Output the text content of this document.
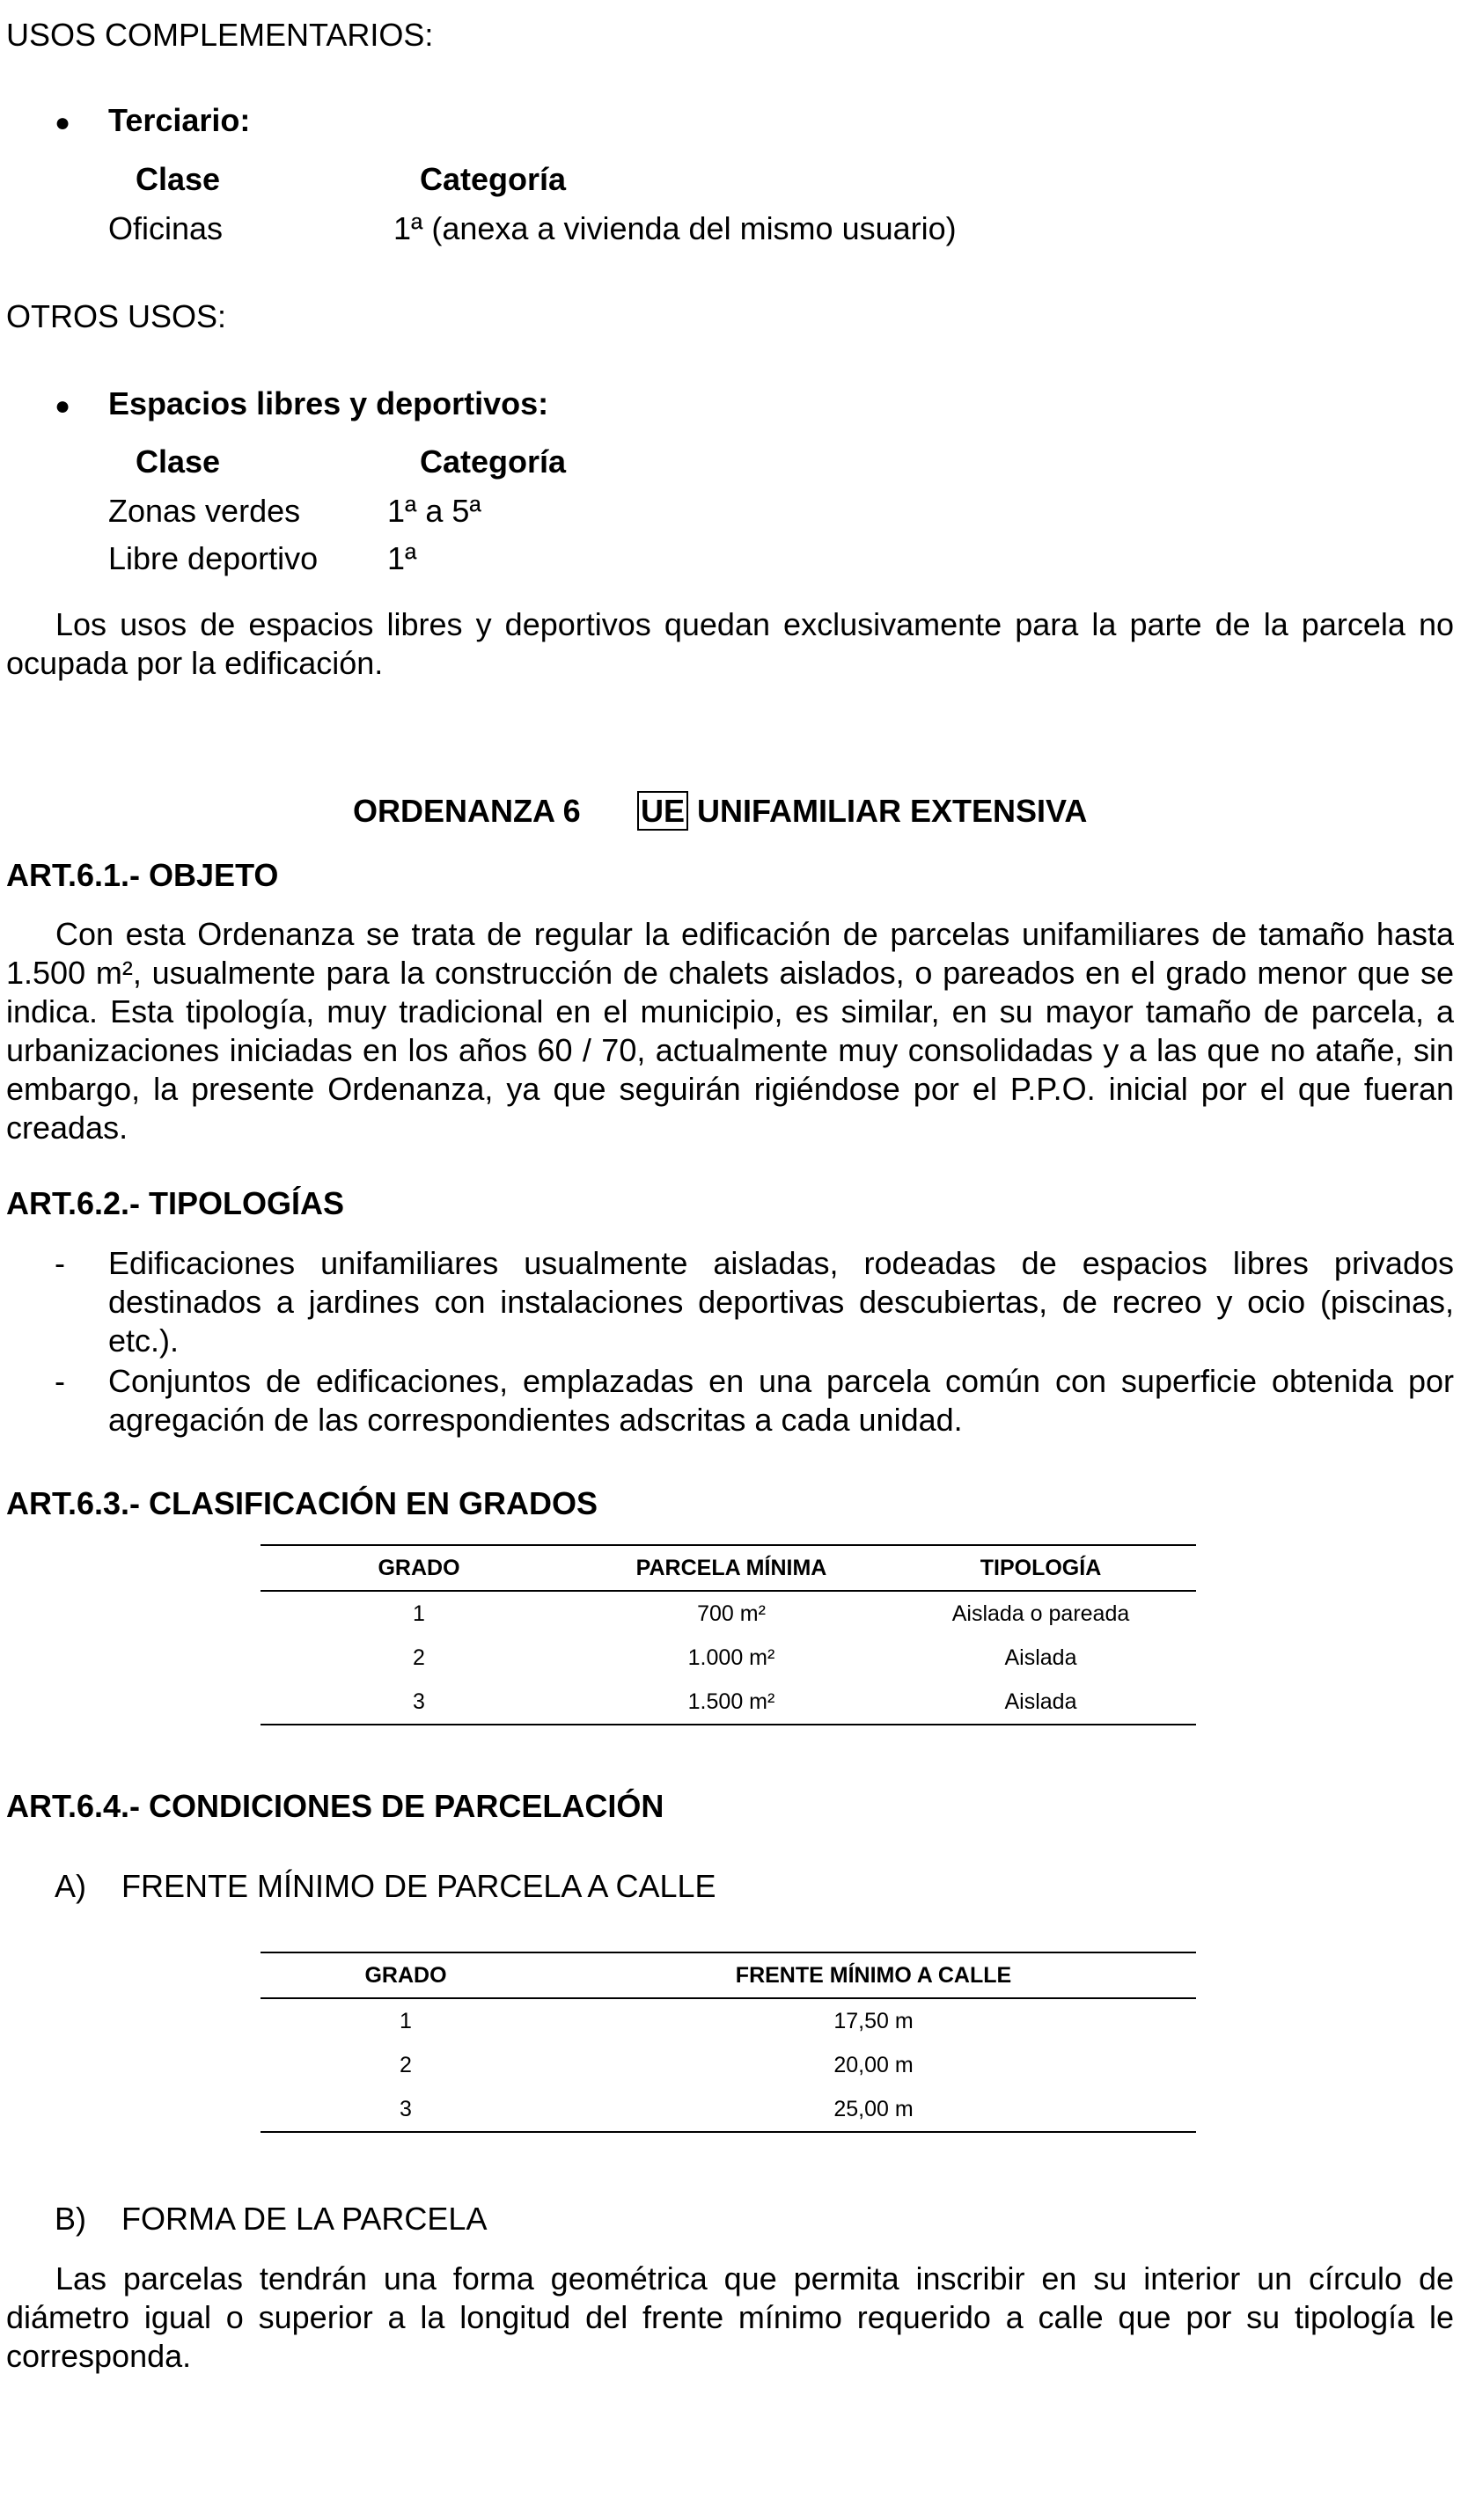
USOS COMPLEMENTARIOS:
● Terciario:
Clase	Categoría
Oficinas	1ª (anexa a vivienda del mismo usuario)
OTROS USOS:
● Espacios libres y deportivos:
Clase	Categoría
Zonas verdes	1ª a 5ª
Libre deportivo 1ª
Los usos de espacios libres y deportivos quedan exclusivamente para la parte de la parcela no ocupada por la edificación.
ORDENANZA 6 UE UNIFAMILIAR EXTENSIVA
ART.6.1.- OBJETO
Con esta Ordenanza se trata de regular la edificación de parcelas unifamiliares de tamaño hasta 1.500 m², usualmente para la construcción de chalets aislados, o pareados en el grado menor que se indica. Esta tipología, muy tradicional en el municipio, es similar, en su mayor tamaño de parcela, a urbanizaciones iniciadas en los años 60 / 70, actualmente muy consolidadas y a las que no atañe, sin embargo, la presente Ordenanza, ya que seguirán rigiéndose por el P.P.O. inicial por el que fueran creadas.
ART.6.2.- TIPOLOGÍAS
- Edificaciones unifamiliares usualmente aisladas, rodeadas de espacios libres privados destinados a jardines con instalaciones deportivas descubiertas, de recreo y ocio (piscinas, etc.).
- Conjuntos de edificaciones, emplazadas en una parcela común con superficie obtenida por agregación de las correspondientes adscritas a cada unidad.
ART.6.3.- CLASIFICACIÓN EN GRADOS
GRADO	PARCELA MÍNIMA	TIPOLOGÍA
1	700 m²	Aislada o pareada
2	1.000 m²	Aislada
3	1.500 m²	Aislada
ART.6.4.- CONDICIONES DE PARCELACIÓN
A)    FRENTE MÍNIMO DE PARCELA A CALLE
GRADO	FRENTE MÍNIMO A CALLE
1	17,50 m
2	20,00 m
3	25,00 m
B)    FORMA DE LA PARCELA
Las parcelas tendrán una forma geométrica que permita inscribir en su interior un círculo de diámetro igual o superior a la longitud del frente mínimo requerido a calle que por su tipología le corresponda.
